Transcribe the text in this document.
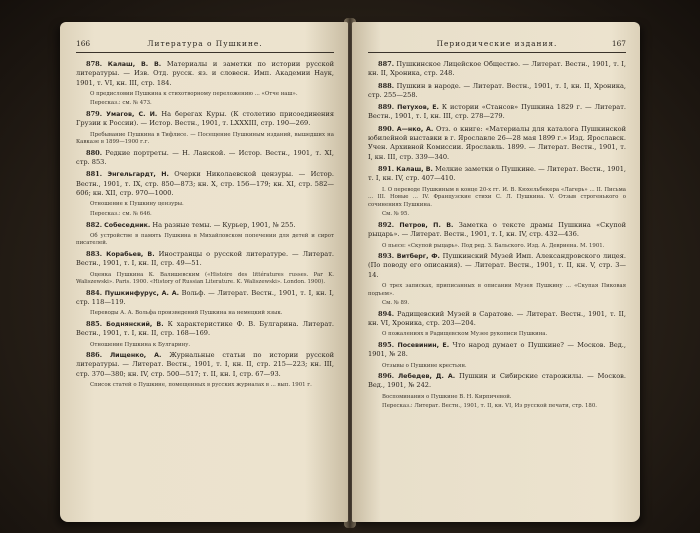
166	Литература о Пушкине.

878. Калаш, В. В. Материалы и заметки по истории русской литературы. — Изв. Отд. русск. яз. и словесн. Имп. Академии Наук, 1901, т. VI, кн. III, стр. 184.

О предисловии Пушкина к стихотворному переложению ... «Отче наш».

Пересказ.: см. № 473.

879. Умагов, С. И. На берегах Куры. (К столетию присоединения Грузии к России). — Истор. Вестн., 1901, т. LXXXIII, стр. 190—269.

Пребывание Пушкина в Тифлисе. — Посещение Пушкиным изданий, вышедших на Кавказе в 1899—1900 г.г.

880. Редкие портреты. — Н. Ланской. — Истор. Вестн., 1901, т. XI, стр. 853.

881. Энгельгардт, Н. Очерки Николаевской цензуры. — Истор. Вестн., 1901, т. IX, стр. 850—873; кн. X, стр. 156—179; кн. XI, стр. 582—606; кн. XII, стр. 970—1000.

Отношение к Пушкину цензуры.

Пересказ.: см. № 646.

882. Собеседник. На разные темы. — Курьер, 1901, № 255.

Об устройстве в память Пушкина в Михайловском попечении для детей и сирот писателей.

883. Корабьев, В. Иностранцы о русской литературе. — Литерат. Вестн., 1901, т. I, кн. II, стр. 49—51.

Оценка Пушкина К. Валишевским («Histoire des littératures russes. Par K. Waliszewski». Paris. 1900. «History of Russian Literature. K. Waliszewski». London. 1900).

884. Пушкинфурус, А. А. Вольф. — Литерат. Вестн., 1901, т. I, кн. I, стр. 118—119.

Переводы А. А. Вольфа произведений Пушкина на немецкий язык.

885. Боднянский, В. К характеристике Ф. В. Булгарина. Литерат. Вестн., 1901, т. I, кн. II, стр. 168—169.

Отношение Пушкина к Булгарину.

886. Лищенко, А. Журнальные статьи по истории русской литературы. — Литерат. Вестн., 1901, т. I, кн. II, стр. 215—223; кн. III, стр. 370—380; кн. IV, стр. 500—517; т. II, кн. I, стр. 67—93.

Список статей о Пушкине, помещенных в русских журналах в ... вып. 1901 г.

Периодические издания.	167

887. Пушкинское Лицейское Общество. — Литерат. Вестн., 1901, т. I, кн. II, Хроника, стр. 248.

888. Пушкин в народе. — Литерат. Вестн., 1901, т. I, кн. II, Хроника, стр. 255—258.

889. Петухов, Е. К истории «Стансов» Пушкина 1829 г. — Литерат. Вестн., 1901, т. I, кн. III, стр. 278—279.

890. А—нко, А. Отз. о книге: «Материалы для каталога Пушкинской юбилейной выставки в г. Ярославле 26—28 мая 1899 г.» Изд. Ярославск. Учен. Архивной Комиссии. Ярославль. 1899. — Литерат. Вестн., 1901, т. I, кн. III, стр. 339—340.

891. Калаш, В. Мелкие заметки о Пушкине. — Литерат. Вестн., 1901, т. I, кн. IV, стр. 407—410.

I. О переводе Пушкиным в конце 20-х гг. И. В. Кюхельбекера «Лагерь» ... II. Письма ... III. Новые ... IV. Французские стихи С. Л. Пушкина. V. Отзыв строгенького о сочинениях Пушкина.

См. № 95.

892. Петров, П. В. Заметка о тексте драмы Пушкина «Скупой рыцарь». — Литерат. Вестн., 1901, т. I, кн. IV, стр. 432—436.

О пьесе: «Скупой рыцарь». Под ред. З. Бальского. Изд. А. Девриена. М. 1901.

893. Витберг, Ф. Пушкинский Музей Имп. Александровского лицея. (По поводу его описания). — Литерат. Вестн., 1901, т. II, кн. V, стр. 3—14.

О трех записках, приписанных в описании Музея Пушкину ... «Скупая Пиковая подъем».

См. № 89.

894. Радищевский Музей в Саратове. — Литерат. Вестн., 1901, т. II, кн. VI, Хроника, стр. 203—204.

О пожалениях в Радищевском Музее рукописи Пушкина.

895. Посевинин, Е. Что народ думает о Пушкине? — Москов. Вед., 1901, № 28.

Отзывы о Пушкине крестьян.

896. Лебедев, Д. А. Пушкин и Сибирские старожилы. — Москов. Вед., 1901, № 242.

Воспоминания о Пушкине В. Н. Кирпичевой.

Пересказ.: Литерат. Вестн., 1901, т. II, кн. VI, Из русской печати, стр. 180.
